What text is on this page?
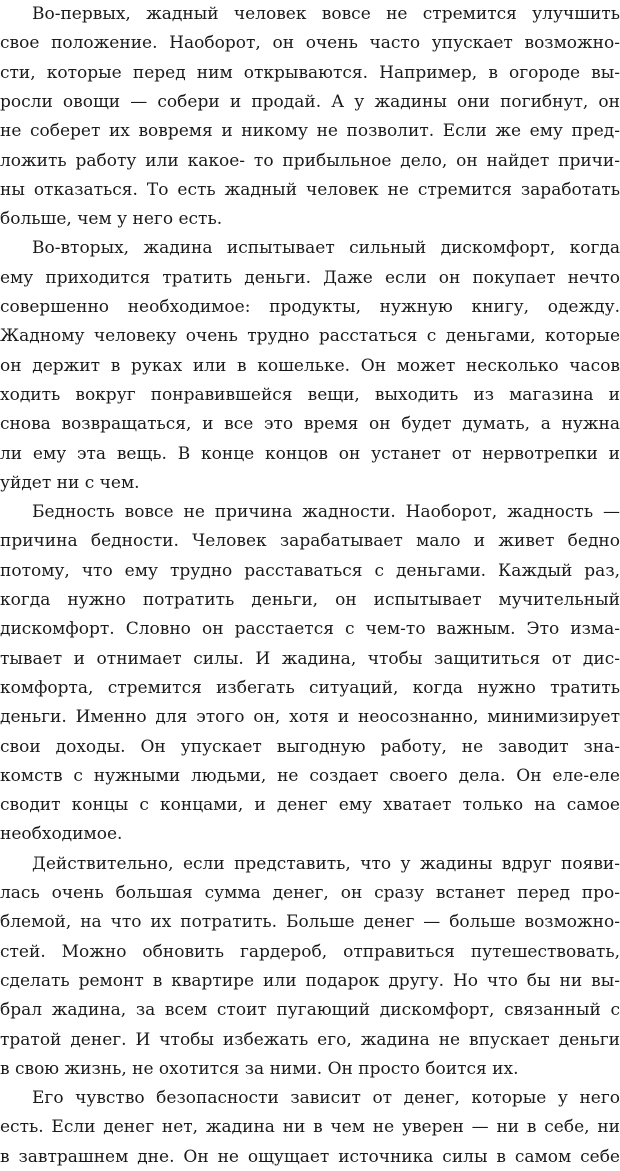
Во-первых, жадный человек вовсе не стремится улучшить
свое положение. Наоборот, он очень часто упускает возможно-
сти, которые перед ним открываются. Например, в огороде вы-
росли овощи — собери и продай. А у жадины они погибнут, он
не соберет их вовремя и никому не позволит. Если же ему пред-
ложить работу или какое- то прибыльное дело, он найдет причи-
ны отказаться. То есть жадный человек не стремится заработать
больше, чем у него есть.
Во-вторых, жадина испытывает сильный дискомфорт, когда
ему приходится тратить деньги. Даже если он покупает нечто
совершенно необходимое: продукты, нужную книгу, одежду.
Жадному человеку очень трудно расстаться с деньгами, которые
он держит в руках или в кошельке. Он может несколько часов
ходить вокруг понравившейся вещи, выходить из магазина и
снова возвращаться, и все это время он будет думать, а нужна
ли ему эта вещь. В конце концов он устанет от нервотрепки и
уйдет ни с чем.
Бедность вовсе не причина жадности. Наоборот, жадность —
причина бедности. Человек зарабатывает мало и живет бедно
потому, что ему трудно расставаться с деньгами. Каждый раз,
когда нужно потратить деньги, он испытывает мучительный
дискомфорт. Словно он расстается с чем-то важным. Это изма-
тывает и отнимает силы. И жадина, чтобы защититься от дис-
комфорта, стремится избегать ситуаций, когда нужно тратить
деньги. Именно для этого он, хотя и неосознанно, минимизирует
свои доходы. Он упускает выгодную работу, не заводит зна-
комств с нужными людьми, не создает своего дела. Он еле-еле
сводит концы с концами, и денег ему хватает только на самое
необходимое.
Действительно, если представить, что у жадины вдруг появи-
лась очень большая сумма денег, он сразу встанет перед про-
блемой, на что их потратить. Больше денег — больше возможно-
стей. Можно обновить гардероб, отправиться путешествовать,
сделать ремонт в квартире или подарок другу. Но что бы ни вы-
брал жадина, за всем стоит пугающий дискомфорт, связанный с
тратой денег. И чтобы избежать его, жадина не впускает деньги
в свою жизнь, не охотится за ними. Он просто боится их.
Его чувство безопасности зависит от денег, которые у него
есть. Если денег нет, жадина ни в чем не уверен — ни в себе, ни
в завтрашнем дне. Он не ощущает источника силы в самом себе
